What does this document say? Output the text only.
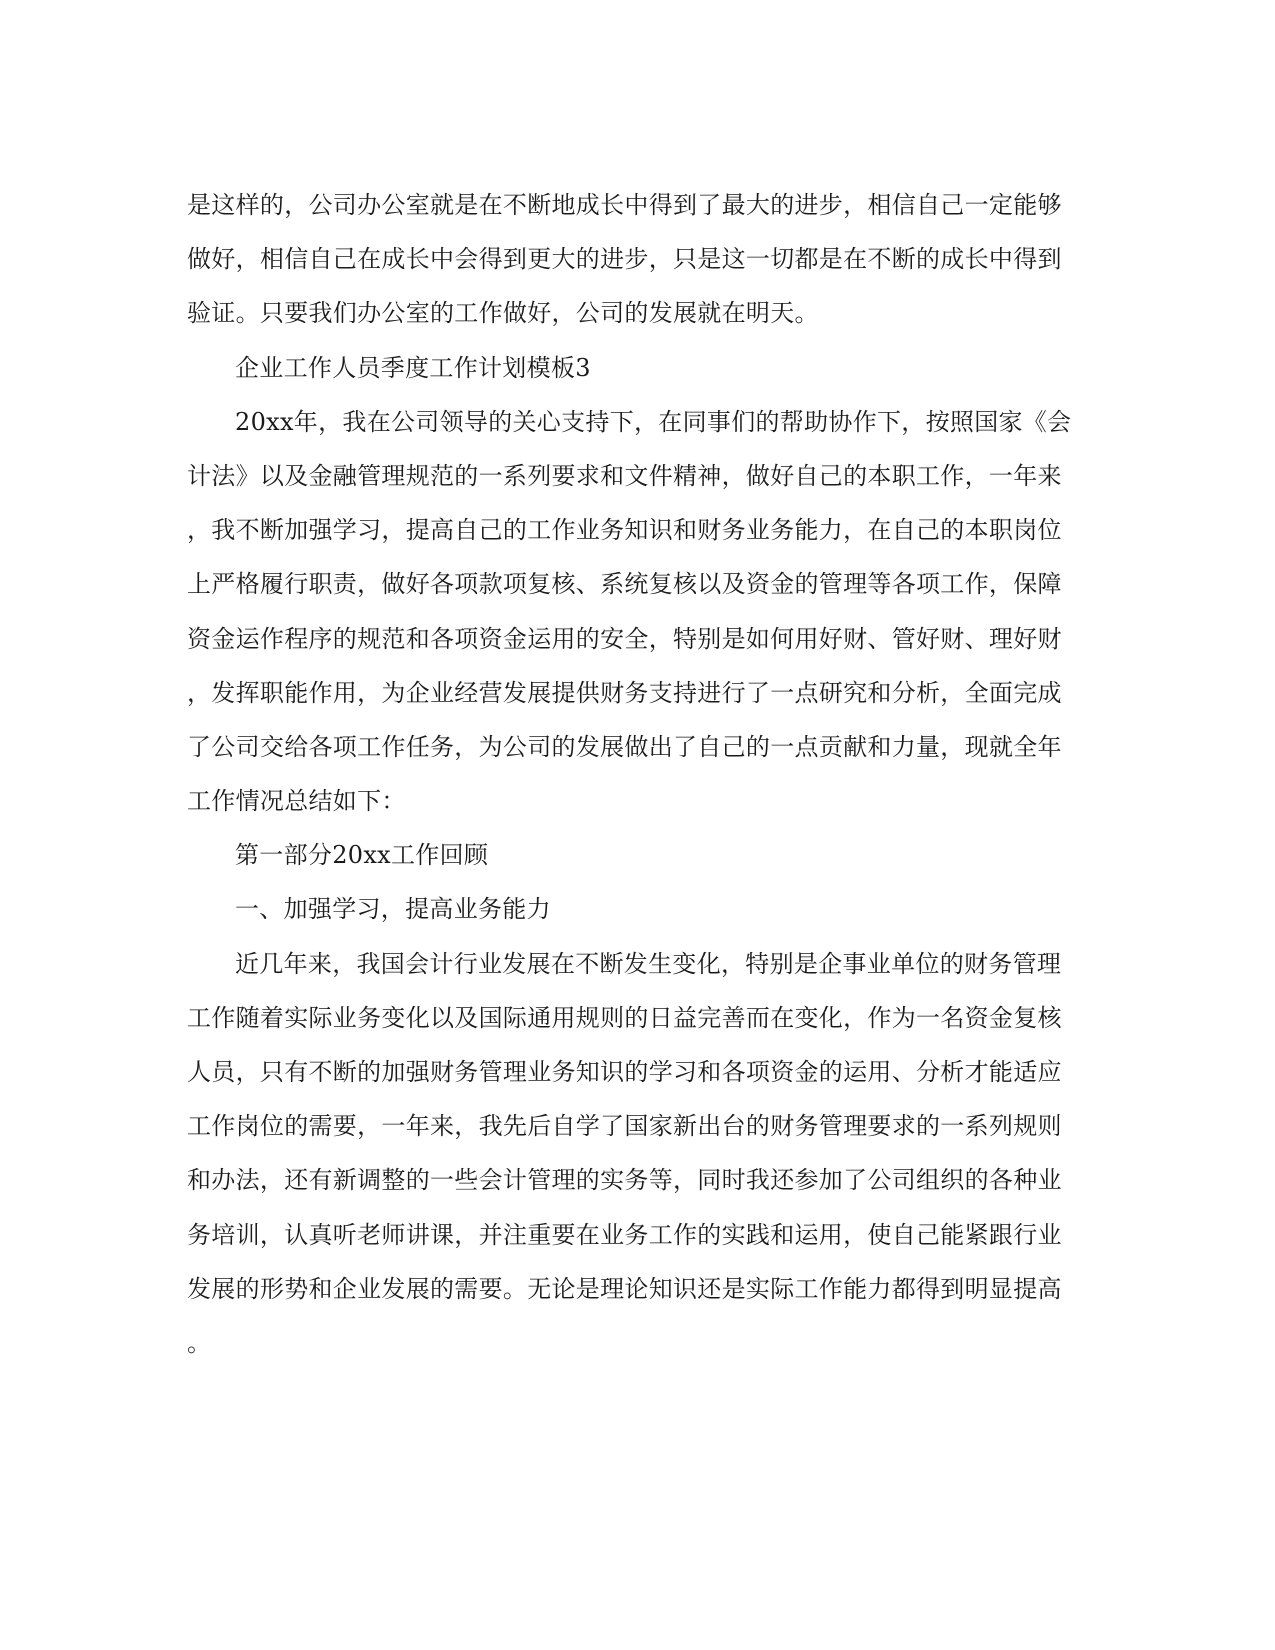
是这样的，公司办公室就是在不断地成长中得到了最大的进步，相信自己一定能够
做好，相信自己在成长中会得到更大的进步，只是这一切都是在不断的成长中得到
验证。只要我们办公室的工作做好，公司的发展就在明天。
企业工作人员季度工作计划模板3
20xx年，我在公司领导的关心支持下，在同事们的帮助协作下，按照国家《会
计法》以及金融管理规范的一系列要求和文件精神，做好自己的本职工作，一年来
，我不断加强学习，提高自己的工作业务知识和财务业务能力，在自己的本职岗位
上严格履行职责，做好各项款项复核、系统复核以及资金的管理等各项工作，保障
资金运作程序的规范和各项资金运用的安全，特别是如何用好财、管好财、理好财
，发挥职能作用，为企业经营发展提供财务支持进行了一点研究和分析，全面完成
了公司交给各项工作任务，为公司的发展做出了自己的一点贡献和力量，现就全年
工作情况总结如下：
第一部分20xx工作回顾
一、加强学习，提高业务能力
近几年来，我国会计行业发展在不断发生变化，特别是企事业单位的财务管理
工作随着实际业务变化以及国际通用规则的日益完善而在变化，作为一名资金复核
人员，只有不断的加强财务管理业务知识的学习和各项资金的运用、分析才能适应
工作岗位的需要，一年来，我先后自学了国家新出台的财务管理要求的一系列规则
和办法，还有新调整的一些会计管理的实务等，同时我还参加了公司组织的各种业
务培训，认真听老师讲课，并注重要在业务工作的实践和运用，使自己能紧跟行业
发展的形势和企业发展的需要。无论是理论知识还是实际工作能力都得到明显提高
。
